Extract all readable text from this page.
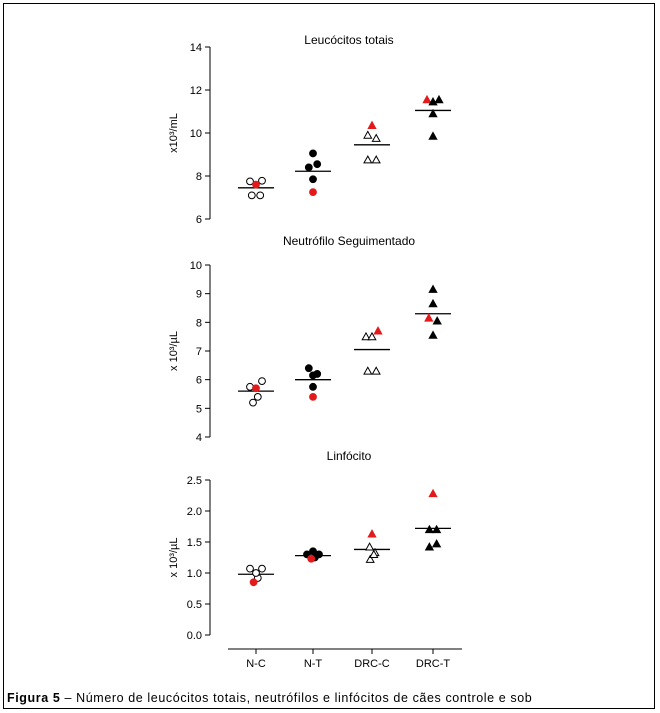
Leucócitos totais
6
8
10
12
14
x10³/mL
Neutrófilo Seguimentado
4
5
6
7
8
9
10
x 10³/µL
Linfócito
0.0
0.5
1.0
1.5
2.0
2.5
x 10³/µL
N-C	N-T	DRC-C DRC-T
Figura 5 – Número de leucócitos totais, neutrófilos e linfócitos de cães controle e sob
